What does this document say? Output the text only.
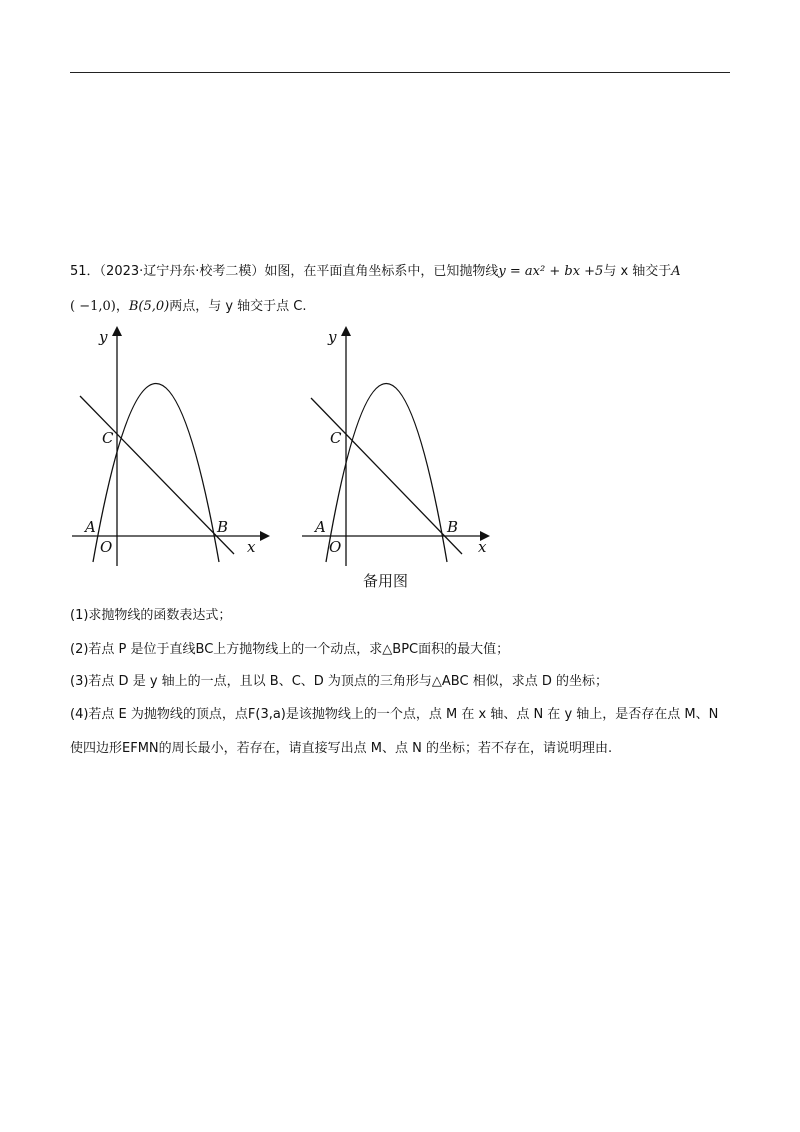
51．（2023·辽宁丹东·校考二模）如图，在平面直角坐标系中，已知抛物线y = ax² + bx +5与 x 轴交于A
( −1,0)，B(5,0)两点，与 y 轴交于点 C.
y
x
C
A	B
O
y
x
C
A	B
O
备用图
(1)求抛物线的函数表达式；
(2)若点 P 是位于直线BC上方抛物线上的一个动点，求△BPC面积的最大值；
(3)若点 D 是 y 轴上的一点，且以 B、C、D 为顶点的三角形与△ABC 相似，求点 D 的坐标；
(4)若点 E 为抛物线的顶点，点F(3,a)是该抛物线上的一个点，点 M 在 x 轴、点 N 在 y 轴上，是否存在点 M、N
使四边形EFMN的周长最小，若存在，请直接写出点 M、点 N 的坐标；若不存在，请说明理由.
